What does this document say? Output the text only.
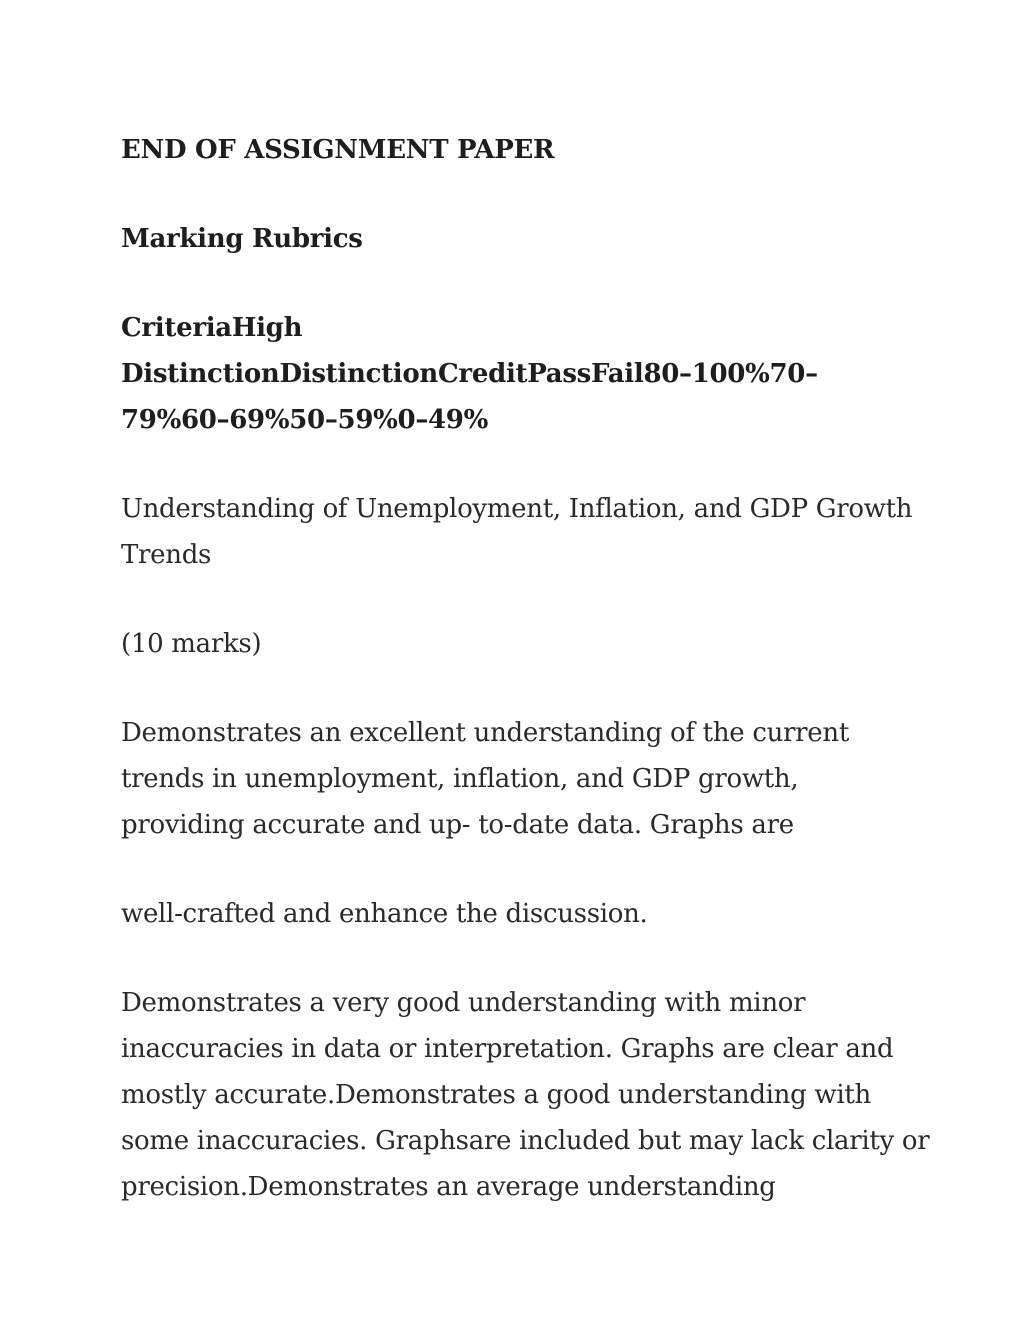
END OF ASSIGNMENT PAPER
Marking Rubrics
CriteriaHigh
DistinctionDistinctionCreditPassFail80–100%70–
79%60–69%50–59%0–49%
Understanding of Unemployment, Inflation, and GDP Growth
Trends
(10 marks)
Demonstrates an excellent understanding of the current
trends in unemployment, inflation, and GDP growth,
providing accurate and up- to-date data. Graphs are
well-crafted and enhance the discussion.
Demonstrates a very good understanding with minor
inaccuracies in data or interpretation. Graphs are clear and
mostly accurate.Demonstrates a good understanding with
some inaccuracies. Graphsare included but may lack clarity or
precision.Demonstrates an average understanding
